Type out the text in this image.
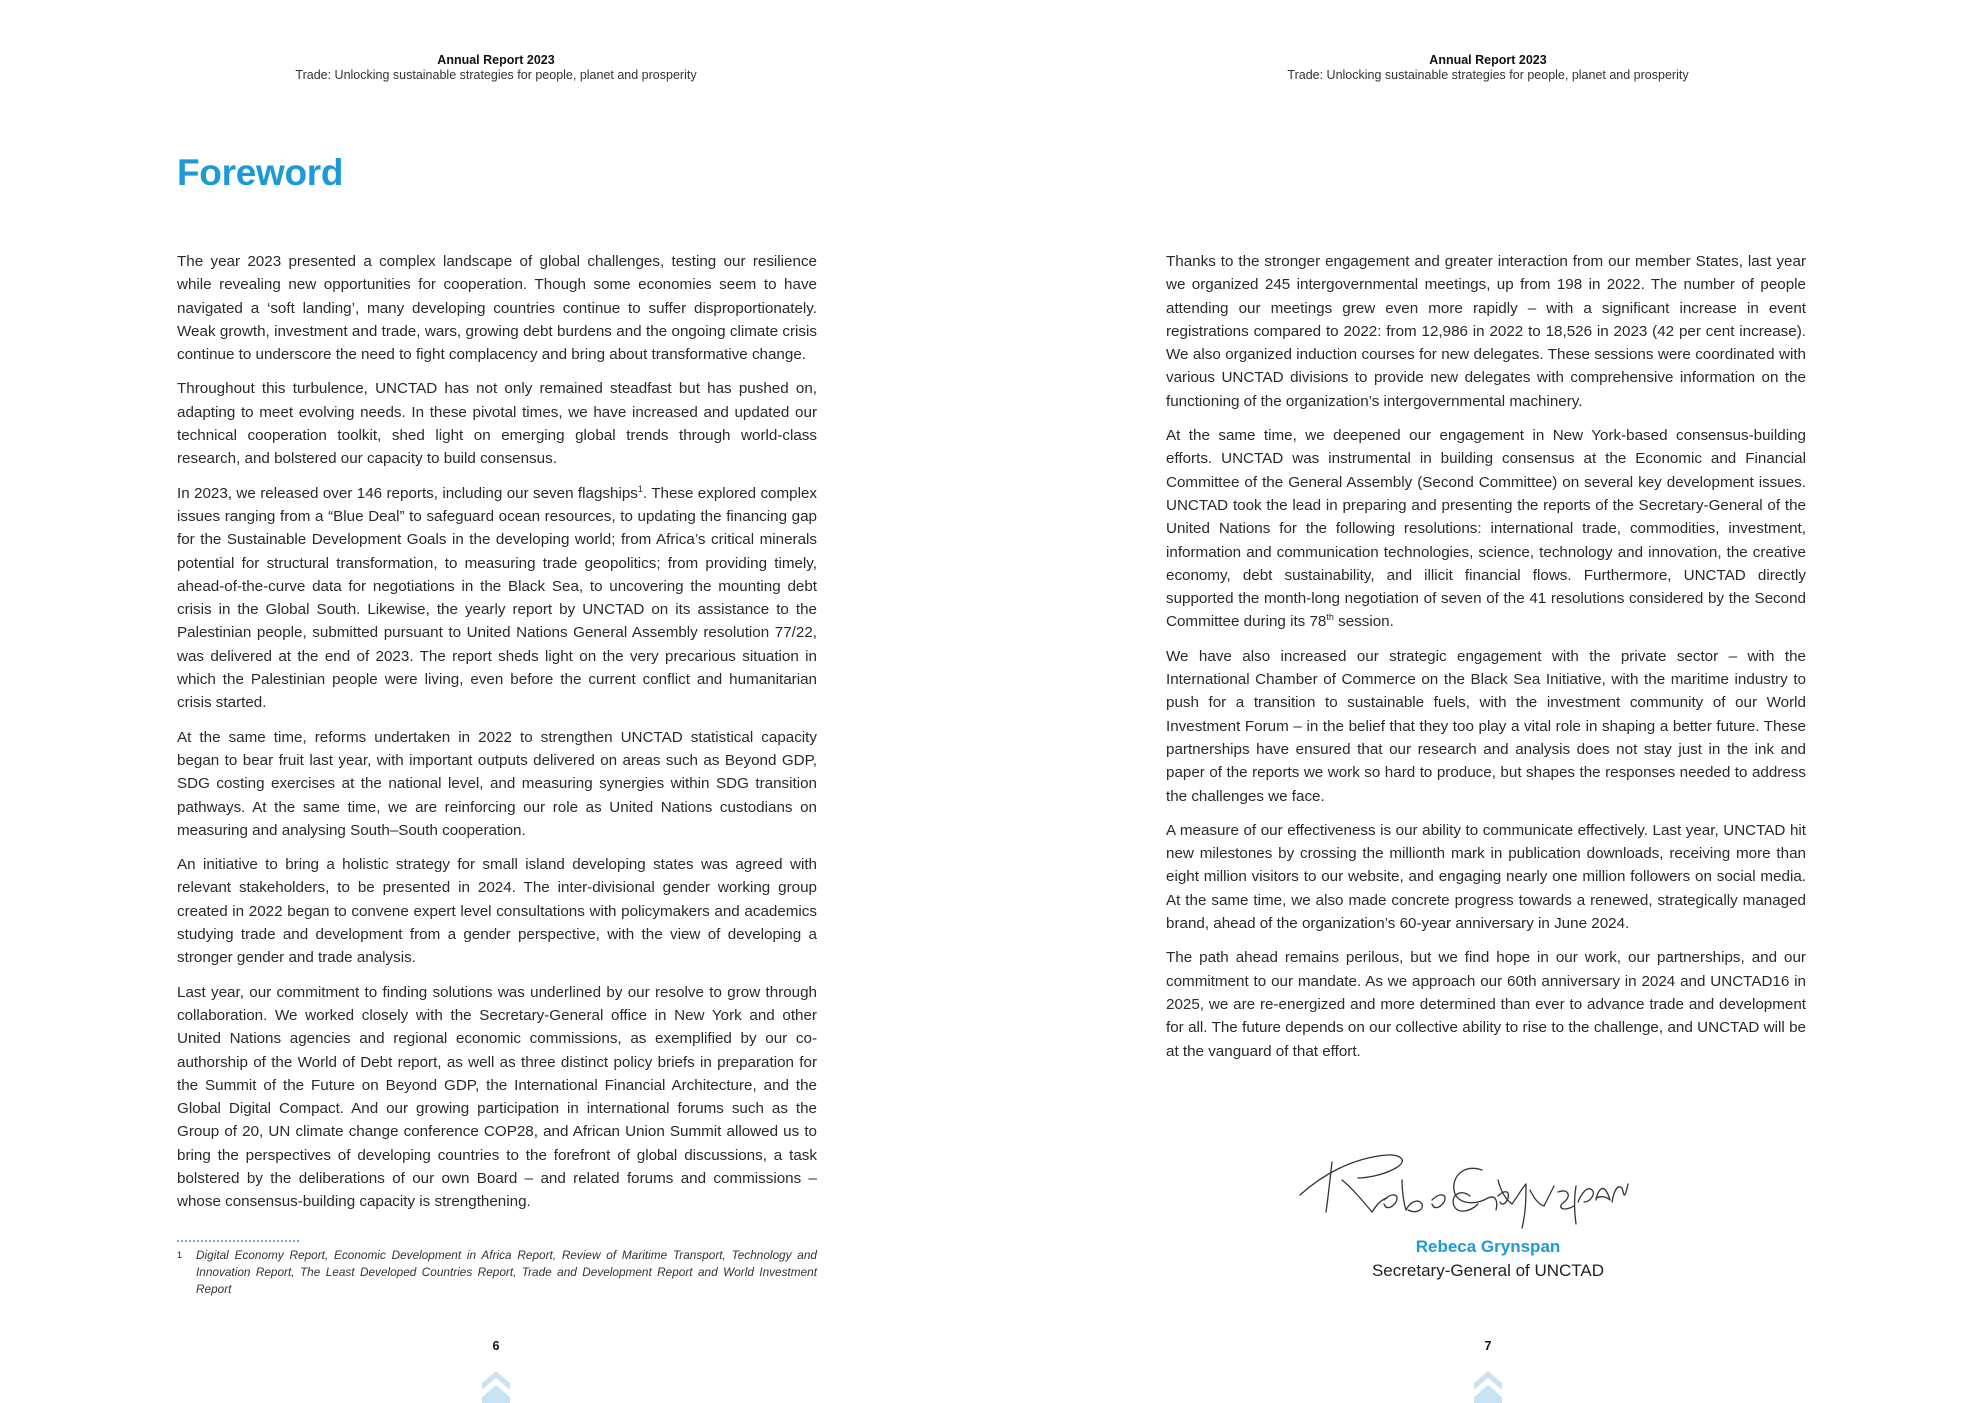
Annual Report 2023
Trade: Unlocking sustainable strategies for people, planet and prosperity
Foreword

The year 2023 presented a complex landscape of global challenges, testing our resilience while revealing new opportunities for cooperation. Though some economies seem to have navigated a ‘soft landing’, many developing countries continue to suffer disproportionately. Weak growth, investment and trade, wars, growing debt burdens and the ongoing climate crisis continue to underscore the need to fight complacency and bring about transformative change.

Throughout this turbulence, UNCTAD has not only remained steadfast but has pushed on, adapting to meet evolving needs. In these pivotal times, we have increased and updated our technical cooperation toolkit, shed light on emerging global trends through world-class research, and bolstered our capacity to build consensus.

In 2023, we released over 146 reports, including our seven flagships$^1$. These explored complex issues ranging from a “Blue Deal” to safeguard ocean resources, to updating the financing gap for the Sustainable Development Goals in the developing world; from Africa’s critical minerals potential for structural transformation, to measuring trade geopolitics; from providing timely, ahead-of-the-curve data for negotiations in the Black Sea, to uncovering the mounting debt crisis in the Global South. Likewise, the yearly report by UNCTAD on its assistance to the Palestinian people, submitted pursuant to United Nations General Assembly resolution 77/22, was delivered at the end of 2023. The report sheds light on the very precarious situation in which the Palestinian people were living, even before the current conflict and humanitarian crisis started.

At the same time, reforms undertaken in 2022 to strengthen UNCTAD statistical capacity began to bear fruit last year, with important outputs delivered on areas such as Beyond GDP, SDG costing exercises at the national level, and measuring synergies within SDG transition pathways. At the same time, we are reinforcing our role as United Nations custodians on measuring and analysing South–South cooperation.

An initiative to bring a holistic strategy for small island developing states was agreed with relevant stakeholders, to be presented in 2024. The inter-divisional gender working group created in 2022 began to convene expert level consultations with policymakers and academics studying trade and development from a gender perspective, with the view of developing a stronger gender and trade analysis.

Last year, our commitment to finding solutions was underlined by our resolve to grow through collaboration. We worked closely with the Secretary-General office in New York and other United Nations agencies and regional economic commissions, as exemplified by our co-authorship of the World of Debt report, as well as three distinct policy briefs in preparation for the Summit of the Future on Beyond GDP, the International Financial Architecture, and the Global Digital Compact. And our growing participation in international forums such as the Group of 20, UN climate change conference COP28, and African Union Summit allowed us to bring the perspectives of developing countries to the forefront of global discussions, a task bolstered by the deliberations of our own Board – and related forums and commissions – whose consensus-building capacity is strengthening.

1 Digital Economy Report, Economic Development in Africa Report, Review of Maritime Transport, Technology and Innovation Report, The Least Developed Countries Report, Trade and Development Report and World Investment Report
6
Annual Report 2023
Trade: Unlocking sustainable strategies for people, planet and prosperity

Thanks to the stronger engagement and greater interaction from our member States, last year we organized 245 intergovernmental meetings, up from 198 in 2022. The number of people attending our meetings grew even more rapidly – with a significant increase in event registrations compared to 2022: from 12,986 in 2022 to 18,526 in 2023 (42 per cent increase). We also organized induction courses for new delegates. These sessions were coordinated with various UNCTAD divisions to provide new delegates with comprehensive information on the functioning of the organization’s intergovernmental machinery.

At the same time, we deepened our engagement in New York-based consensus-building efforts. UNCTAD was instrumental in building consensus at the Economic and Financial Committee of the General Assembly (Second Committee) on several key development issues. UNCTAD took the lead in preparing and presenting the reports of the Secretary-General of the United Nations for the following resolutions: international trade, commodities, investment, information and communication technologies, science, technology and innovation, the creative economy, debt sustainability, and illicit financial flows. Furthermore, UNCTAD directly supported the month-long negotiation of seven of the 41 resolutions considered by the Second Committee during its 78th session.

We have also increased our strategic engagement with the private sector – with the International Chamber of Commerce on the Black Sea Initiative, with the maritime industry to push for a transition to sustainable fuels, with the investment community of our World Investment Forum – in the belief that they too play a vital role in shaping a better future. These partnerships have ensured that our research and analysis does not stay just in the ink and paper of the reports we work so hard to produce, but shapes the responses needed to address the challenges we face.

A measure of our effectiveness is our ability to communicate effectively. Last year, UNCTAD hit new milestones by crossing the millionth mark in publication downloads, receiving more than eight million visitors to our website, and engaging nearly one million followers on social media. At the same time, we also made concrete progress towards a renewed, strategically managed brand, ahead of the organization’s 60-year anniversary in June 2024.

The path ahead remains perilous, but we find hope in our work, our partnerships, and our commitment to our mandate. As we approach our 60th anniversary in 2024 and UNCTAD16 in 2025, we are re-energized and more determined than ever to advance trade and development for all. The future depends on our collective ability to rise to the challenge, and UNCTAD will be at the vanguard of that effort.

Rebeca Grynspan
Secretary-General of UNCTAD
7
